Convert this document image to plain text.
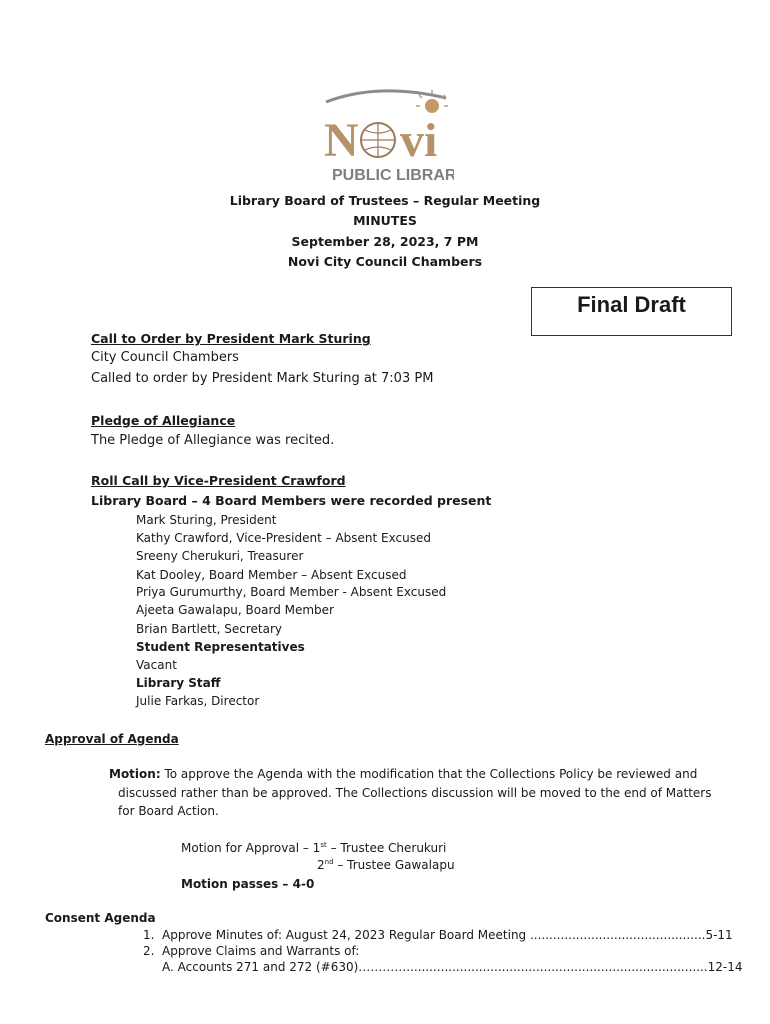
N vi
PUBLIC LIBRARY
Library Board of Trustees – Regular Meeting
MINUTES
September 28, 2023, 7 PM
Novi City Council Chambers
Final Draft
Call to Order by President Mark Sturing
City Council Chambers
Called to order by President Mark Sturing at 7:03 PM
Pledge of Allegiance
The Pledge of Allegiance was recited.
Roll Call by Vice-President Crawford
Library Board – 4 Board Members were recorded present
Mark Sturing, President
Kathy Crawford, Vice-President – Absent Excused
Sreeny Cherukuri, Treasurer
Kat Dooley, Board Member – Absent Excused
Priya Gurumurthy, Board Member - Absent Excused
Ajeeta Gawalapu, Board Member
Brian Bartlett, Secretary
Student Representatives
Vacant
Library Staff
Julie Farkas, Director
Approval of Agenda
Motion: To approve the Agenda with the modification that the Collections Policy be reviewed and
discussed rather than be approved. The Collections discussion will be moved to the end of Matters
for Board Action.
Motion for Approval – 1st – Trustee Cherukuri
2nd – Trustee Gawalapu
Motion passes – 4-0
Consent Agenda
1. Approve Minutes of: August 24, 2023 Regular Board Meeting ..............................................5-11
2. Approve Claims and Warrants of:
A. Accounts 271 and 272 (#630)…………...............................................................................12-14
